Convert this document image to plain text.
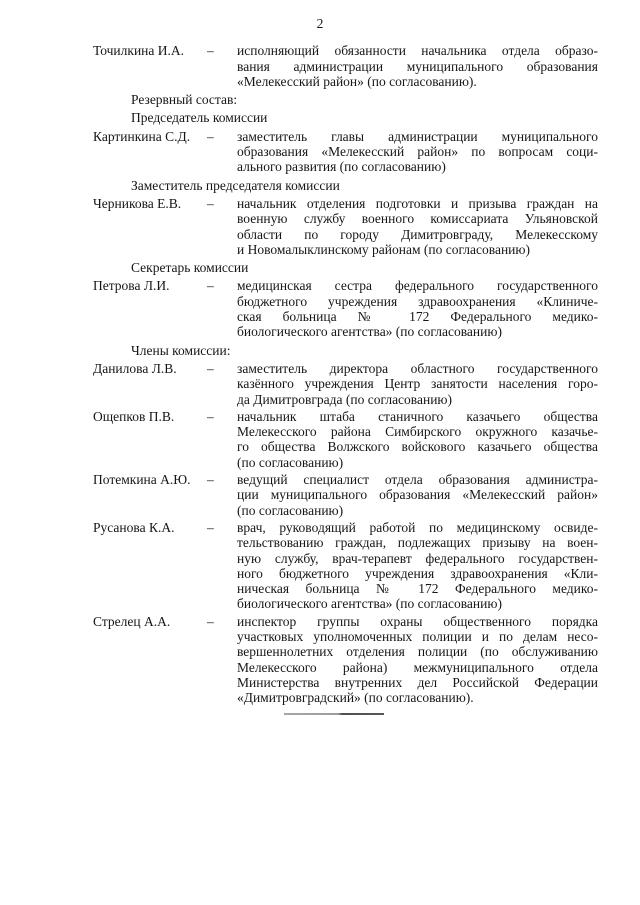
2
Точилкина И.А.	–	исполняющий обязанности начальника отдела образо-
вания администрации муниципального образования
«Мелекесский район» (по согласованию).
Резервный состав:
Председатель комиссии
Картинкина С.Д.	–	заместитель главы администрации муниципального
образования «Мелекесский район» по вопросам соци-
ального развития (по согласованию)
Заместитель председателя комиссии
Черникова Е.В.	–	начальник отделения подготовки и призыва граждан на
военную службу военного комиссариата Ульяновской
области по городу Димитровграду, Мелекесскому
и Новомалыклинскому районам (по согласованию)
Секретарь комиссии
Петрова Л.И.	–	медицинская сестра федерального государственного
бюджетного учреждения здравоохранения «Клиниче-
ская больница № 172 Федерального медико-
биологического агентства» (по согласованию)
Члены комиссии:
Данилова Л.В.	–	заместитель директора областного государственного
казённого учреждения Центр занятости населения горо-
да Димитровграда (по согласованию)
Ощепков П.В.	–	начальник штаба станичного казачьего общества
Мелекесского района Симбирского окружного казачье-
го общества Волжского войскового казачьего общества
(по согласованию)
Потемкина А.Ю.	–	ведущий специалист отдела образования администра-
ции муниципального образования «Мелекесский район»
(по согласованию)
Русанова К.А.	–	врач, руководящий работой по медицинскому освиде-
тельствованию граждан, подлежащих призыву на воен-
ную службу, врач-терапевт федерального государствен-
ного бюджетного учреждения здравоохранения «Кли-
ническая больница № 172 Федерального медико-
биологического агентства» (по согласованию)
Стрелец А.А.	–	инспектор группы охраны общественного порядка
участковых уполномоченных полиции и по делам несо-
вершеннолетних отделения полиции (по обслуживанию
Мелекесского района) межмуниципального отдела
Министерства внутренних дел Российской Федерации
«Димитровградский» (по согласованию).
